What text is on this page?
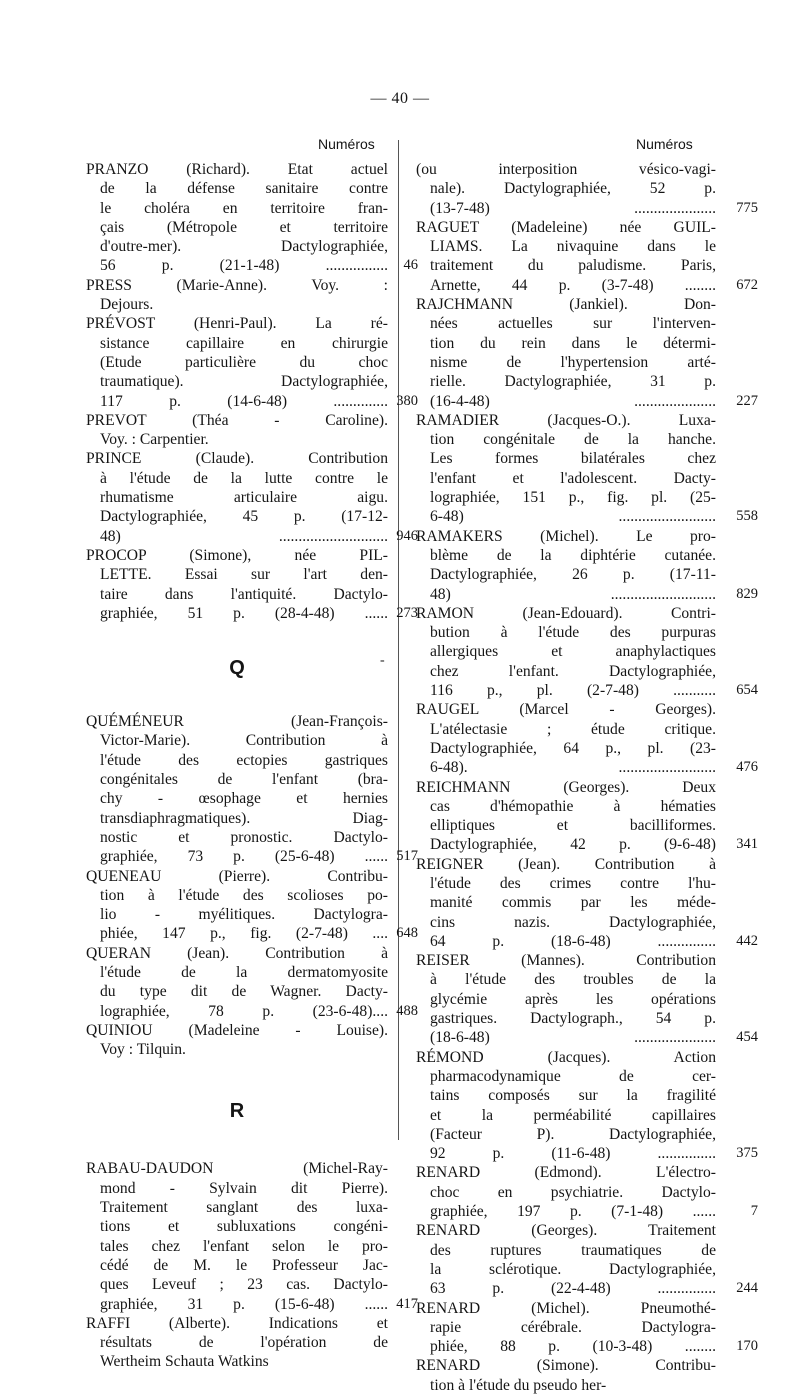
— 40 —
Numéros	Numéros
-
PRANZO (Richard). Etat actuel
de la défense sanitaire contre
le choléra en territoire fran-
çais (Métropole et territoire
d'outre-mer). Dactylographiée,
56 p. (21-1-48) ................	46
PRESS (Marie-Anne). Voy. :
Dejours.
PRÉVOST (Henri-Paul). La ré-
sistance capillaire en chirurgie
(Etude particulière du choc
traumatique). Dactylographiée,
117 p. (14-6-48) .............. 380
PREVOT (Théa - Caroline).
Voy. : Carpentier.
PRINCE (Claude). Contribution
à l'étude de la lutte contre le
rhumatisme articulaire aigu.
Dactylographiée, 45 p. (17-12-
48) ............................ 946
PROCOP (Simone), née PIL-
LETTE. Essai sur l'art den-
taire dans l'antiquité. Dactylo-
graphiée, 51 p. (28-4-48) ...... 273
Q
QUÉMÉNEUR (Jean-François-
Victor-Marie). Contribution à
l'étude des ectopies gastriques
congénitales de l'enfant (bra-
chy - œsophage et hernies
transdiaphragmatiques). Diag-
nostic et pronostic. Dactylo-
graphiée, 73 p. (25-6-48) ...... 517
QUENEAU (Pierre). Contribu-
tion à l'étude des scolioses po-
lio - myélitiques. Dactylogra-
phiée, 147 p., fig. (2-7-48) .... 648
QUERAN (Jean). Contribution à
l'étude de la dermatomyosite
du type dit de Wagner. Dacty-
lographiée, 78 p. (23-6-48).... 488
QUINIOU (Madeleine - Louise).
Voy : Tilquin.
R
RABAU-DAUDON (Michel-Ray-
mond - Sylvain dit Pierre).
Traitement sanglant des luxa-
tions et subluxations congéni-
tales chez l'enfant selon le pro-
cédé de M. le Professeur Jac-
ques Leveuf ; 23 cas. Dactylo-
graphiée, 31 p. (15-6-48) ...... 417
RAFFI (Alberte). Indications et
résultats de l'opération de
Wertheim Schauta Watkins
(ou interposition vésico-vagi-
nale). Dactylographiée, 52 p.
(13-7-48) .....................	775
RAGUET (Madeleine) née GUIL-
LIAMS. La nivaquine dans le
traitement du paludisme. Paris,
Arnette, 44 p. (3-7-48) ........	672
RAJCHMANN (Jankiel). Don-
nées actuelles sur l'interven-
tion du rein dans le détermi-
nisme de l'hypertension arté-
rielle. Dactylographiée, 31 p.
(16-4-48) .....................	227
RAMADIER (Jacques-O.). Luxa-
tion congénitale de la hanche.
Les formes bilatérales chez
l'enfant et l'adolescent. Dacty-
lographiée, 151 p., fig. pl. (25-
6-48) .........................	558
RAMAKERS (Michel). Le pro-
blème de la diphtérie cutanée.
Dactylographiée, 26 p. (17-11-
48) ...........................	829
RAMON (Jean-Edouard). Contri-
bution à l'étude des purpuras
allergiques et anaphylactiques
chez l'enfant. Dactylographiée,
116 p., pl. (2-7-48) ...........	654
RAUGEL (Marcel - Georges).
L'atélectasie ; étude critique.
Dactylographiée, 64 p., pl. (23-
6-48). .........................	476
REICHMANN (Georges). Deux
cas d'hémopathie à hématies
elliptiques et bacilliformes.
Dactylographiée, 42 p. (9-6-48)	341
REIGNER (Jean). Contribution à
l'étude des crimes contre l'hu-
manité commis par les méde-
cins nazis. Dactylographiée,
64 p. (18-6-48) ...............	442
REISER (Mannes). Contribution
à l'étude des troubles de la
glycémie après les opérations
gastriques. Dactylograph., 54 p.
(18-6-48) .....................	454
RÉMOND (Jacques). Action
pharmacodynamique de cer-
tains composés sur la fragilité
et la perméabilité capillaires
(Facteur P). Dactylographiée,
92 p. (11-6-48) ...............	375
RENARD (Edmond). L'électro-
choc en psychiatrie. Dactylo-
graphiée, 197 p. (7-1-48) ......	7
RENARD (Georges). Traitement
des ruptures traumatiques de
la sclérotique. Dactylographiée,
63 p. (22-4-48) ...............	244
RENARD (Michel). Pneumothé-
rapie cérébrale. Dactylogra-
phiée, 88 p. (10-3-48) ........	170
RENARD (Simone). Contribu-
tion à l'étude du pseudo her-
